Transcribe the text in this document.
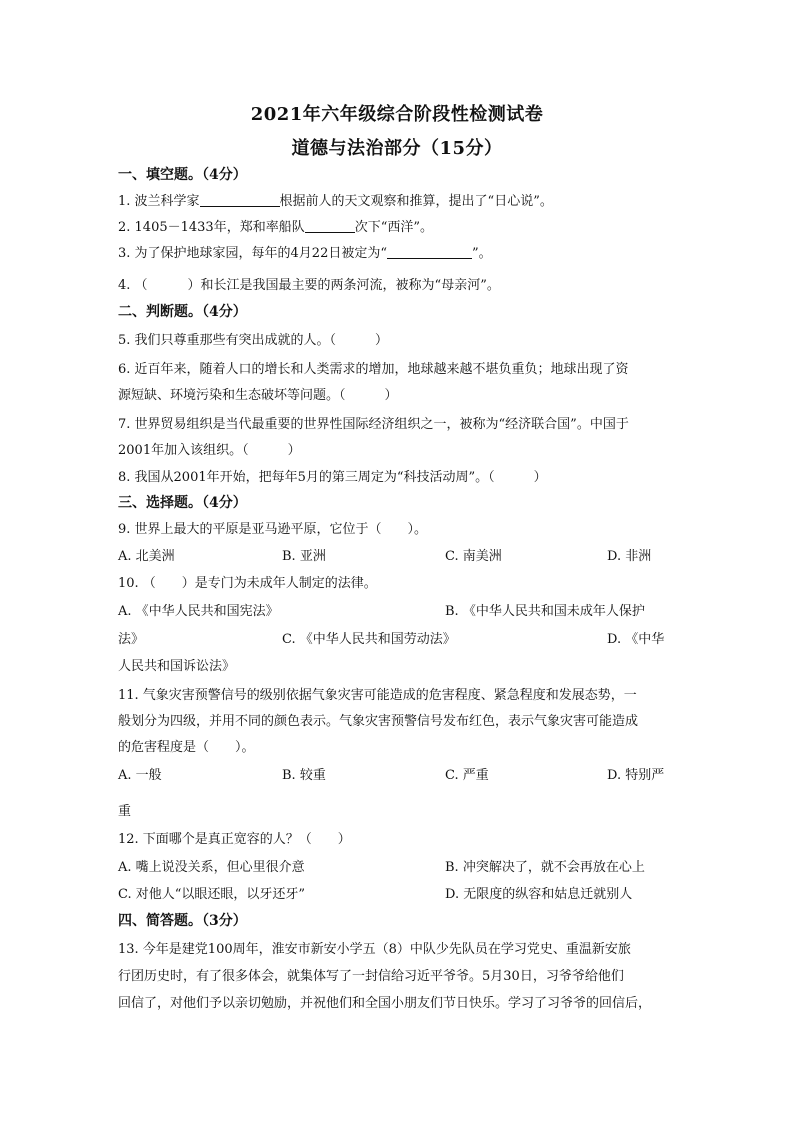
2021年六年级综合阶段性检测试卷
道德与法治部分（15分）
一、填空题。（4分）
1. 波兰科学家	根据前人的天文观察和推算，提出了“日心说”。
2. 1405－1433年，郑和率船队	次下“西洋”。
3. 为了保护地球家园，每年的4月22日被定为“	”。
4. （	）和长江是我国最主要的两条河流，被称为“母亲河”。
二、判断题。（4分）
5. 我们只尊重那些有突出成就的人。（　　　）
6. 近百年来，随着人口的增长和人类需求的增加，地球越来越不堪负重负；地球出现了资
源短缺、环境污染和生态破坏等问题。（　　　）
7. 世界贸易组织是当代最重要的世界性国际经济组织之一，被称为“经济联合国”。中国于
2001年加入该组织。（　　　）
8. 我国从2001年开始，把每年5月的第三周定为“科技活动周”。（　　　）
三、选择题。（4分）
9. 世界上最大的平原是亚马逊平原，它位于（　　）。
A. 北美洲	B. 亚洲	C. 南美洲	D. 非洲
10. （　　）是专门为未成年人制定的法律。
A. 《中华人民共和国宪法》	B. 《中华人民共和国未成年人保护
法》	C. 《中华人民共和国劳动法》	D. 《中华
人民共和国诉讼法》
11. 气象灾害预警信号的级别依据气象灾害可能造成的危害程度、紧急程度和发展态势，一
般划分为四级，并用不同的颜色表示。气象灾害预警信号发布红色，表示气象灾害可能造成
的危害程度是（　　）。
A. 一般	B. 较重	C. 严重	D. 特别严
重
12. 下面哪个是真正宽容的人？（　　）
A. 嘴上说没关系，但心里很介意	B. 冲突解决了，就不会再放在心上
C. 对他人“以眼还眼，以牙还牙”	D. 无限度的纵容和姑息迁就别人
四、简答题。（3分）
13. 今年是建党100周年，淮安市新安小学五（8）中队少先队员在学习党史、重温新安旅
行团历史时，有了很多体会，就集体写了一封信给习近平爷爷。5月30日，习爷爷给他们
回信了，对他们予以亲切勉励，并祝他们和全国小朋友们节日快乐。学习了习爷爷的回信后，
